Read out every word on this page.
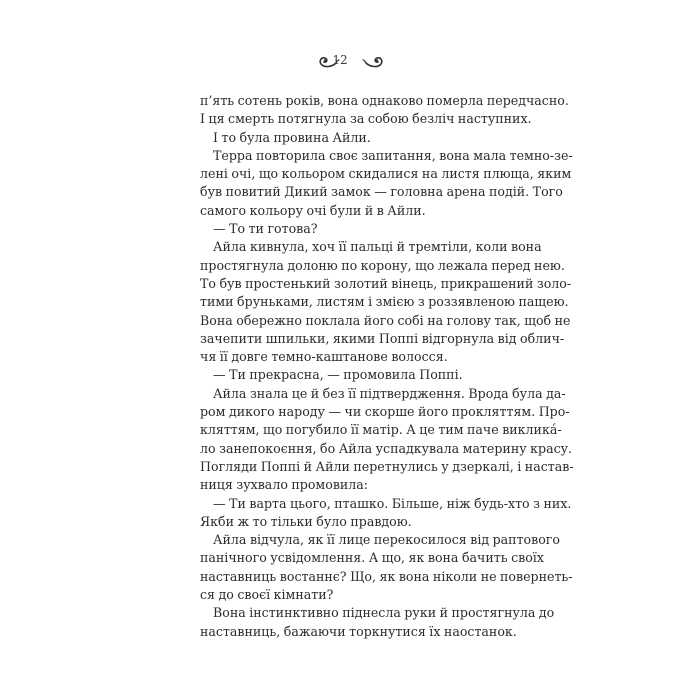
12
п’ять сотень років, вона однаково померла передчасно.
І ця смерть потягнула за собою безліч наступних.
І то була провина Айли.
Терра повторила своє запитання, вона мала темно-зе-
лені очі, що кольором скидалися на листя плюща, яким
був повитий Дикий замок — головна арена подій. Того
самого кольору очі були й в Айли.
— То ти готова?
Айла кивнула, хоч її пальці й тремтіли, коли вона
простягнула долоню по корону, що лежала перед нею.
То був простенький золотий вінець, прикрашений золо-
тими бруньками, листям і змією з роззявленою пащею.
Вона обережно поклала його собі на голову так, щоб не
зачепити шпильки, якими Поппі відгорнула від облич-
чя її довге темно-каштанове волосся.
— Ти прекрасна, — промовила Поппі.
Айла знала це й без її підтвердження. Врода була да-
ром дикого народу — чи скорше його прокляттям. Про-
кляттям, що погубило її матір. А це тим паче викликá-
ло занепокоєння, бо Айла успадкувала материну красу.
Погляди Поппі й Айли перетнулись у дзеркалі, і настав-
ниця зухвало промовила:
— Ти варта цього, пташко. Більше, ніж будь-хто з них.
Якби ж то тільки було правдою.
Айла відчула, як її лице перекосилося від раптового
панічного усвідомлення. А що, як вона бачить своїх
наставниць востаннє? Що, як вона ніколи не повернеть-
ся до своєї кімнати?
Вона інстинктивно піднесла руки й простягнула до
наставниць, бажаючи торкнутися їх наостанок.
